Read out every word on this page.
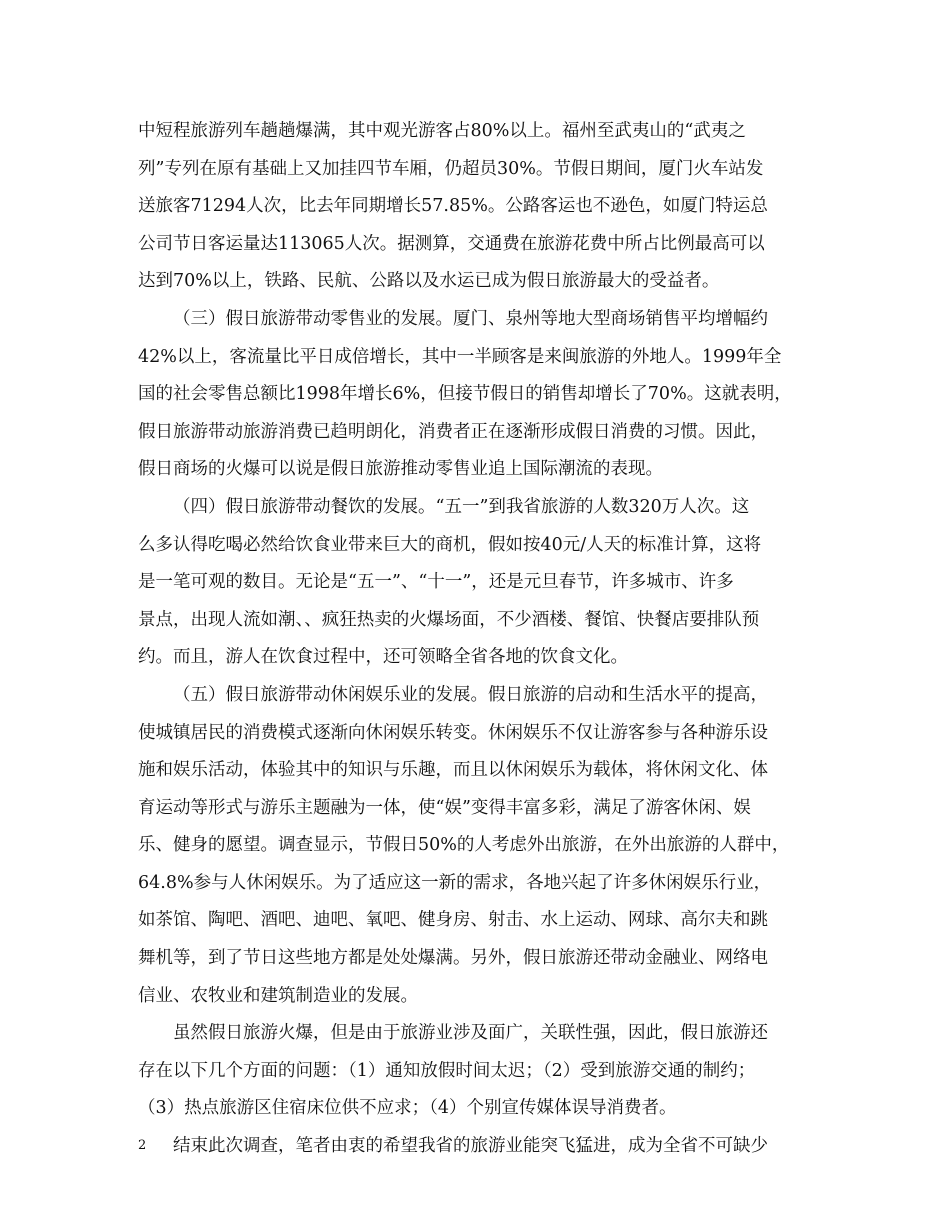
中短程旅游列车趟趟爆满，其中观光游客占80%以上。福州至武夷山的“武夷之
列”专列在原有基础上又加挂四节车厢，仍超员30%。节假日期间，厦门火车站发
送旅客71294人次，比去年同期增长57.85%。公路客运也不逊色，如厦门特运总
公司节日客运量达113065人次。据测算，交通费在旅游花费中所占比例最高可以
达到70%以上，铁路、民航、公路以及水运已成为假日旅游最大的受益者。
（三）假日旅游带动零售业的发展。厦门、泉州等地大型商场销售平均增幅约
42%以上，客流量比平日成倍增长，其中一半顾客是来闽旅游的外地人。1999年全
国的社会零售总额比1998年增长6%，但接节假日的销售却增长了70%。这就表明，
假日旅游带动旅游消费已趋明朗化，消费者正在逐渐形成假日消费的习惯。因此，
假日商场的火爆可以说是假日旅游推动零售业追上国际潮流的表现。
（四）假日旅游带动餐饮的发展。“五一”到我省旅游的人数320万人次。这
么多认得吃喝必然给饮食业带来巨大的商机，假如按40元/人天的标准计算，这将
是一笔可观的数目。无论是“五一”、“十一”，还是元旦春节，许多城市、许多
景点，出现人流如潮、、疯狂热卖的火爆场面，不少酒楼、餐馆、快餐店要排队预
约。而且，游人在饮食过程中，还可领略全省各地的饮食文化。
（五）假日旅游带动休闲娱乐业的发展。假日旅游的启动和生活水平的提高，
使城镇居民的消费模式逐渐向休闲娱乐转变。休闲娱乐不仅让游客参与各种游乐设
施和娱乐活动，体验其中的知识与乐趣，而且以休闲娱乐为载体，将休闲文化、体
育运动等形式与游乐主题融为一体，使“娱”变得丰富多彩，满足了游客休闲、娱
乐、健身的愿望。调查显示，节假日50%的人考虑外出旅游，在外出旅游的人群中，
64.8%参与人休闲娱乐。为了适应这一新的需求，各地兴起了许多休闲娱乐行业，
如茶馆、陶吧、酒吧、迪吧、氧吧、健身房、射击、水上运动、网球、高尔夫和跳
舞机等，到了节日这些地方都是处处爆满。另外，假日旅游还带动金融业、网络电
信业、农牧业和建筑制造业的发展。
虽然假日旅游火爆，但是由于旅游业涉及面广，关联性强，因此，假日旅游还
存在以下几个方面的问题：（1）通知放假时间太迟；（2）受到旅游交通的制约；
（3）热点旅游区住宿床位供不应求；（4）个别宣传媒体误导消费者。
结束此次调查，笔者由衷的希望我省的旅游业能突飞猛进，成为全省不可缺少
2
